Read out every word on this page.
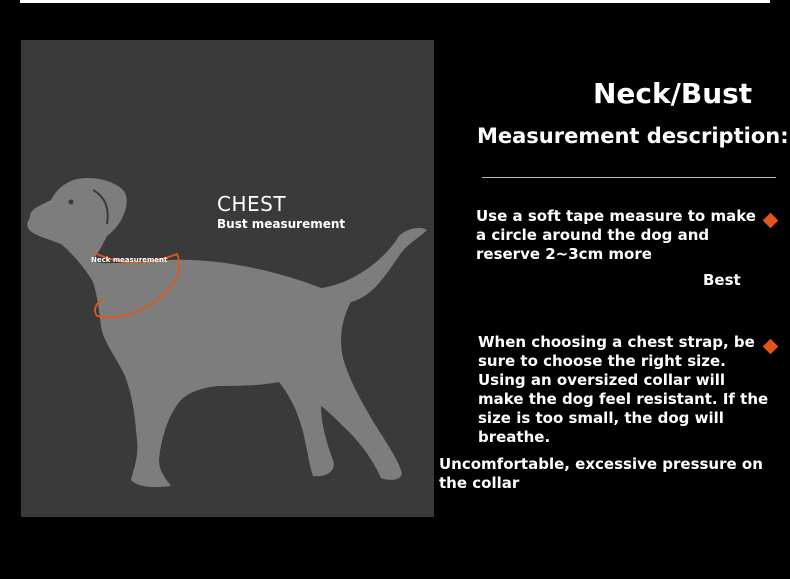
CHEST
Bust measurement
Neck measurement
Neck/Bust
Measurement description:
Use a soft tape measure to make
a circle around the dog and
reserve 2~3cm more
Best
When choosing a chest strap, be
sure to choose the right size.
Using an oversized collar will
make the dog feel resistant. If the
size is too small, the dog will
breathe.
Uncomfortable, excessive pressure on
the collar
